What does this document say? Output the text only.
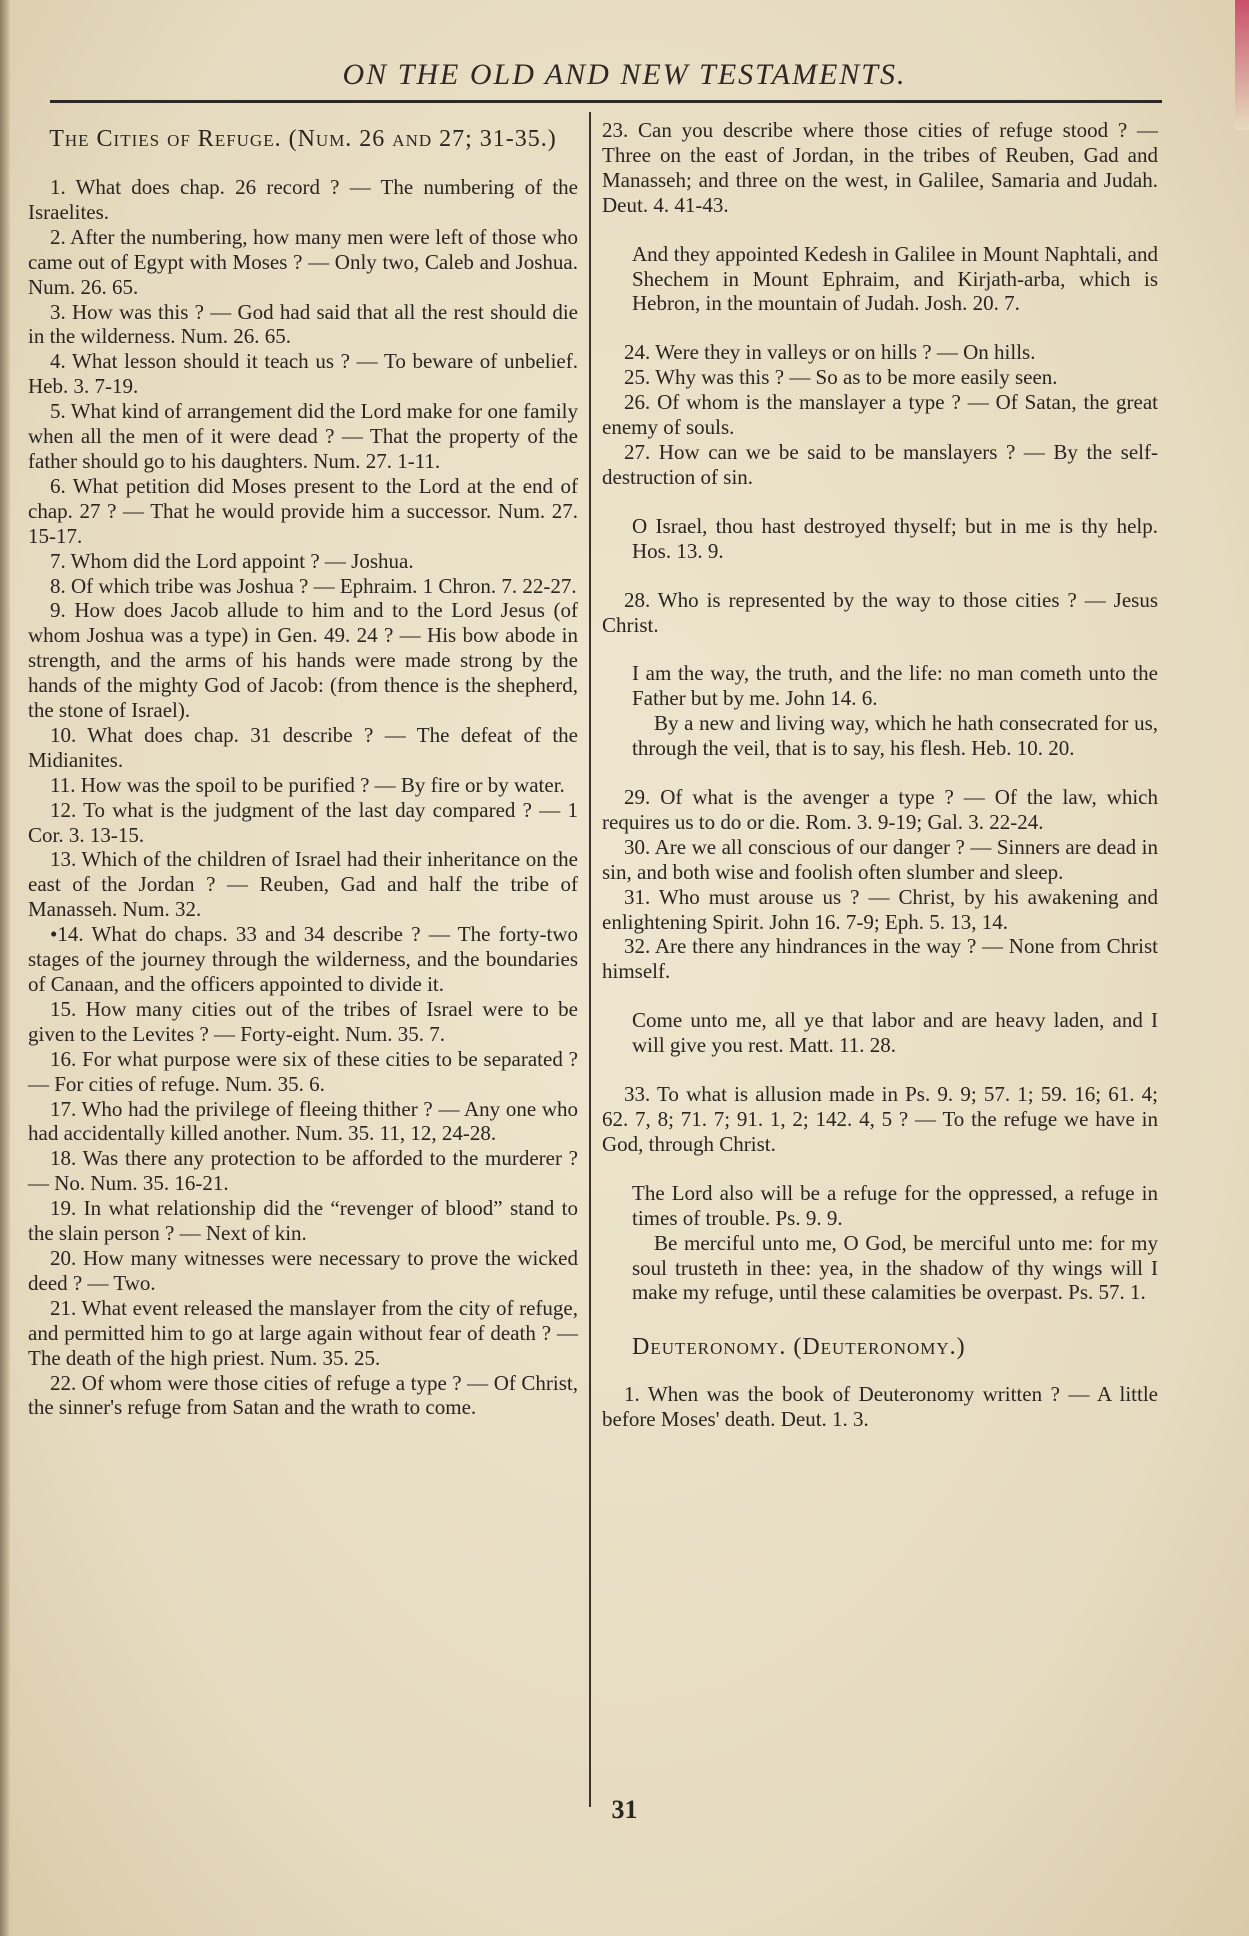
ON THE OLD AND NEW TESTAMENTS.
The Cities of Refuge. (Num. 26 and 27; 31-35.)

1. What does chap. 26 record ? — The numbering of the Israelites.

2. After the numbering, how many men were left of those who came out of Egypt with Moses ? — Only two, Caleb and Joshua. Num. 26. 65.

3. How was this ? — God had said that all the rest should die in the wilderness. Num. 26. 65.

4. What lesson should it teach us ? — To beware of unbelief. Heb. 3. 7-19.

5. What kind of arrangement did the Lord make for one family when all the men of it were dead ? — That the property of the father should go to his daughters. Num. 27. 1-11.

6. What petition did Moses present to the Lord at the end of chap. 27 ? — That he would provide him a successor. Num. 27. 15-17.

7. Whom did the Lord appoint ? — Joshua.

8. Of which tribe was Joshua ? — Ephraim. 1 Chron. 7. 22-27.

9. How does Jacob allude to him and to the Lord Jesus (of whom Joshua was a type) in Gen. 49. 24 ? — His bow abode in strength, and the arms of his hands were made strong by the hands of the mighty God of Jacob: (from thence is the shepherd, the stone of Israel).

10. What does chap. 31 describe ? — The defeat of the Midianites.

11. How was the spoil to be purified ? — By fire or by water.

12. To what is the judgment of the last day compared ? — 1 Cor. 3. 13-15.

13. Which of the children of Israel had their inheritance on the east of the Jordan ? — Reuben, Gad and half the tribe of Manasseh. Num. 32.

•14. What do chaps. 33 and 34 describe ? — The forty-two stages of the journey through the wilderness, and the boundaries of Canaan, and the officers appointed to divide it.

15. How many cities out of the tribes of Israel were to be given to the Levites ? — Forty-eight. Num. 35. 7.

16. For what purpose were six of these cities to be separated ? — For cities of refuge. Num. 35. 6.

17. Who had the privilege of fleeing thither ? — Any one who had accidentally killed another. Num. 35. 11, 12, 24-28.

18. Was there any protection to be afforded to the murderer ? — No. Num. 35. 16-21.

19. In what relationship did the “revenger of blood” stand to the slain person ? — Next of kin.

20. How many witnesses were necessary to prove the wicked deed ? — Two.

21. What event released the manslayer from the city of refuge, and permitted him to go at large again without fear of death ? — The death of the high priest. Num. 35. 25.

22. Of whom were those cities of refuge a type ? — Of Christ, the sinner's refuge from Satan and the wrath to come.

23. Can you describe where those cities of refuge stood ? — Three on the east of Jordan, in the tribes of Reuben, Gad and Manasseh; and three on the west, in Galilee, Samaria and Judah. Deut. 4. 41-43.

And they appointed Kedesh in Galilee in Mount Naphtali, and Shechem in Mount Ephraim, and Kirjath-arba, which is Hebron, in the mountain of Judah. Josh. 20. 7.

24. Were they in valleys or on hills ? — On hills.

25. Why was this ? — So as to be more easily seen.

26. Of whom is the manslayer a type ? — Of Satan, the great enemy of souls.

27. How can we be said to be manslayers ? — By the self-destruction of sin.

O Israel, thou hast destroyed thyself; but in me is thy help. Hos. 13. 9.

28. Who is represented by the way to those cities ? — Jesus Christ.

I am the way, the truth, and the life: no man cometh unto the Father but by me. John 14. 6.

By a new and living way, which he hath consecrated for us, through the veil, that is to say, his flesh. Heb. 10. 20.

29. Of what is the avenger a type ? — Of the law, which requires us to do or die. Rom. 3. 9-19; Gal. 3. 22-24.

30. Are we all conscious of our danger ? — Sinners are dead in sin, and both wise and foolish often slumber and sleep.

31. Who must arouse us ? — Christ, by his awakening and enlightening Spirit. John 16. 7-9; Eph. 5. 13, 14.

32. Are there any hindrances in the way ? — None from Christ himself.

Come unto me, all ye that labor and are heavy laden, and I will give you rest. Matt. 11. 28.

33. To what is allusion made in Ps. 9. 9; 57. 1; 59. 16; 61. 4; 62. 7, 8; 71. 7; 91. 1, 2; 142. 4, 5 ? — To the refuge we have in God, through Christ.

The Lord also will be a refuge for the oppressed, a refuge in times of trouble. Ps. 9. 9.

Be merciful unto me, O God, be merciful unto me: for my soul trusteth in thee: yea, in the shadow of thy wings will I make my refuge, until these calamities be overpast. Ps. 57. 1.

Deuteronomy. (Deuteronomy.)

1. When was the book of Deuteronomy written ? — A little before Moses' death. Deut. 1. 3.

31
